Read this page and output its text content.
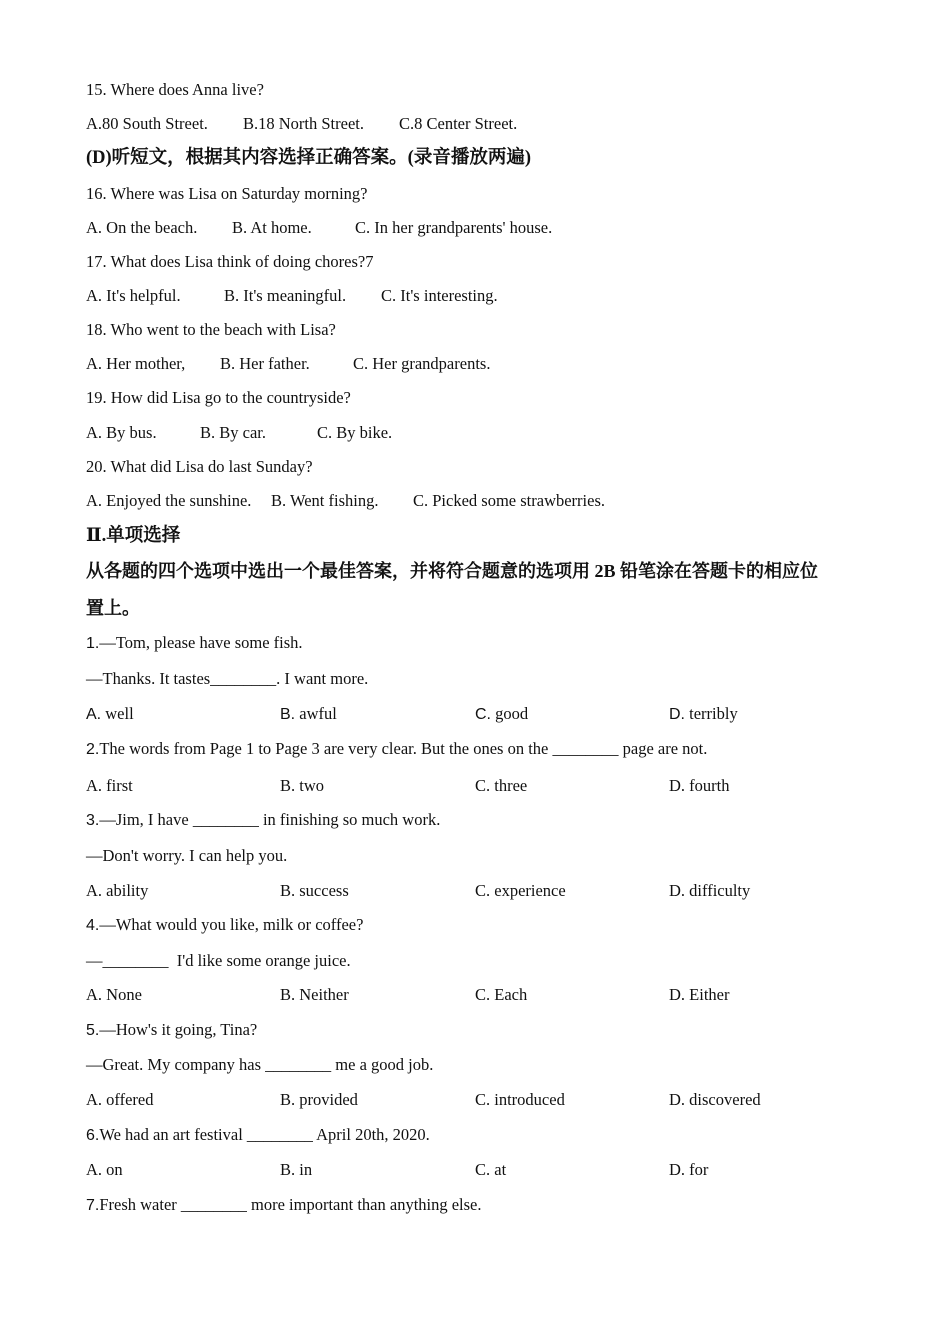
15. Where does Anna live?
A.80 South Street. B.18 North Street. C.8 Center Street.
(D)听短文，根据其内容选择正确答案。(录音播放两遍)
16. Where was Lisa on Saturday morning?
A. On the beach. B. At home.	C. In her grandparents' house.
17. What does Lisa think of doing chores?7
A. It's helpful.	B. It's meaningful. C. It's interesting.
18. Who went to the beach with Lisa?
A. Her mother, B. Her father.	C. Her grandparents.
19. How did Lisa go to the countryside?
A. By bus.	B. By car.	C. By bike.
20. What did Lisa do last Sunday?
A. Enjoyed the sunshine. B. Went fishing. C. Picked some strawberries.
Ⅱ.单项选择
从各题的四个选项中选出一个最佳答案，并将符合题意的选项用 2B 铅笔涂在答题卡的相应位
置上。
1.—Tom, please have some fish.
—Thanks. It tastes________. I want more.
A. well	B. awful	C. good	D. terribly
2.The words from Page 1 to Page 3 are very clear. But the ones on the ________ page are not.
A. first	B. two	C. three	D. fourth
3.—Jim, I have ________ in finishing so much work.
—Don't worry. I can help you.
A. ability	B. success	C. experience	D. difficulty
4.—What would you like, milk or coffee?
—________  I'd like some orange juice.
A. None	B. Neither	C. Each	D. Either
5.—How's it going, Tina?
—Great. My company has ________ me a good job.
A. offered	B. provided	C. introduced	D. discovered
6.We had an art festival ________ April 20th, 2020.
A. on	B. in	C. at	D. for
7.Fresh water ________ more important than anything else.
